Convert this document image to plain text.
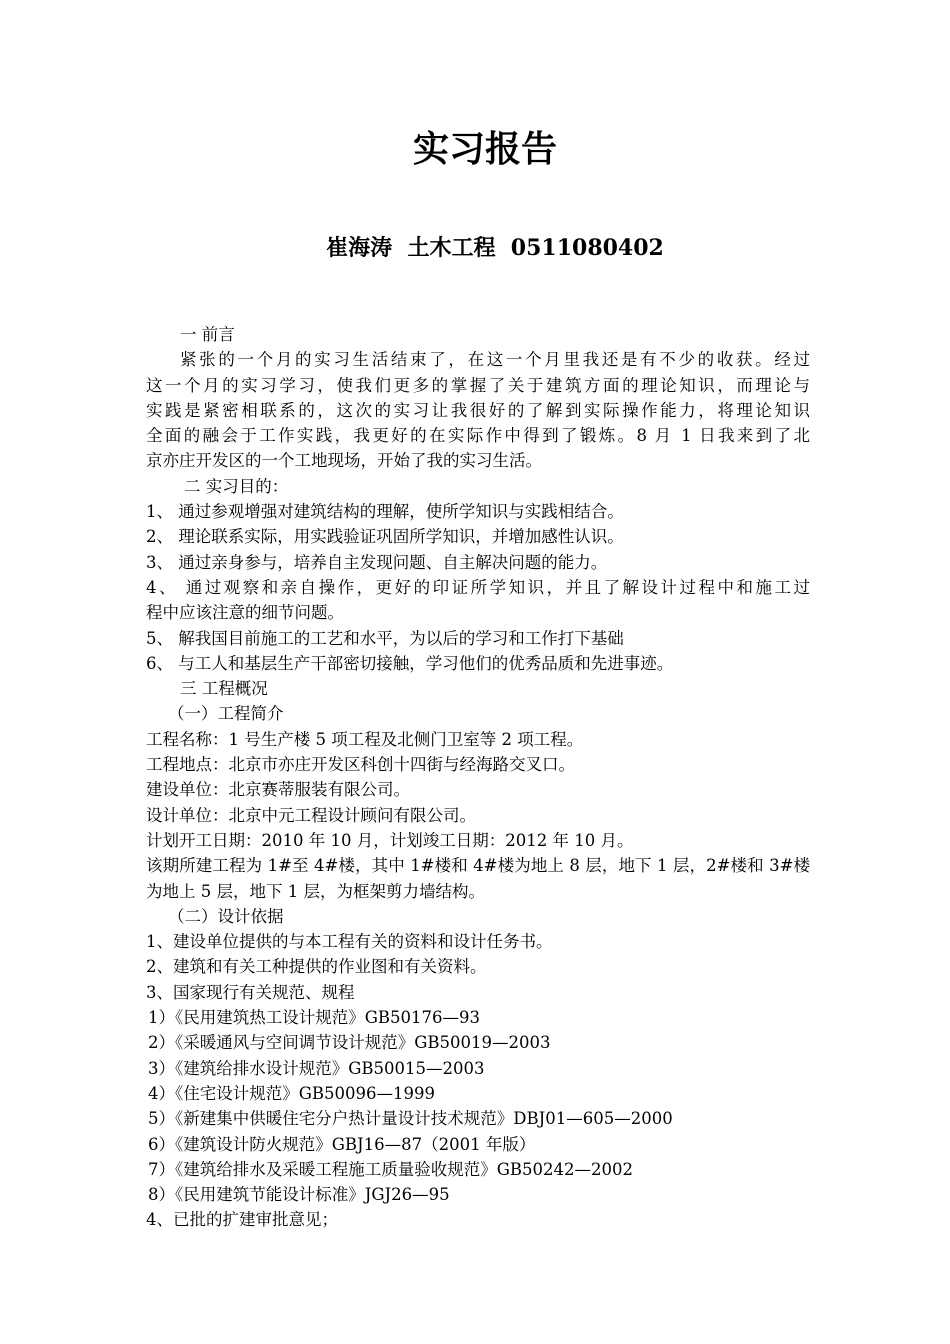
实习报告
崔海涛  土木工程  0511080402
一 前言
紧张的一个月的实习生活结束了，在这一个月里我还是有不少的收获。经过
这一个月的实习学习，使我们更多的掌握了关于建筑方面的理论知识，而理论与
实践是紧密相联系的，这次的实习让我很好的了解到实际操作能力，将理论知识
全面的融会于工作实践，我更好的在实际作中得到了锻炼。8 月 1 日我来到了北
京亦庄开发区的一个工地现场，开始了我的实习生活。
二 实习目的：
1、 通过参观增强对建筑结构的理解，使所学知识与实践相结合。
2、 理论联系实际，用实践验证巩固所学知识，并增加感性认识。
3、 通过亲身参与，培养自主发现问题、自主解决问题的能力。
4、 通过观察和亲自操作，更好的印证所学知识，并且了解设计过程中和施工过
程中应该注意的细节问题。
5、 解我国目前施工的工艺和水平，为以后的学习和工作打下基础
6、 与工人和基层生产干部密切接触，学习他们的优秀品质和先进事迹。
三 工程概况
（一）工程简介
工程名称：1 号生产楼 5 项工程及北侧门卫室等 2 项工程。
工程地点：北京市亦庄开发区科创十四街与经海路交叉口。
建设单位：北京赛蒂服装有限公司。
设计单位：北京中元工程设计顾问有限公司。
计划开工日期：2010 年 10 月，计划竣工日期：2012 年 10 月。
该期所建工程为 1#至 4#楼，其中 1#楼和 4#楼为地上 8 层，地下 1 层，2#楼和 3#楼
为地上 5 层，地下 1 层，为框架剪力墙结构。
（二）设计依据
1、建设单位提供的与本工程有关的资料和设计任务书。
2、建筑和有关工种提供的作业图和有关资料。
3、国家现行有关规范、规程
1）《民用建筑热工设计规范》GB50176—93
2）《采暖通风与空间调节设计规范》GB50019—2003
3）《建筑给排水设计规范》GB50015—2003
4）《住宅设计规范》GB50096—1999
5）《新建集中供暖住宅分户热计量设计技术规范》DBJ01—605—2000
6）《建筑设计防火规范》GBJ16—87（2001 年版）
7）《建筑给排水及采暖工程施工质量验收规范》GB50242—2002
8）《民用建筑节能设计标准》JGJ26—95
4、已批的扩建审批意见；
